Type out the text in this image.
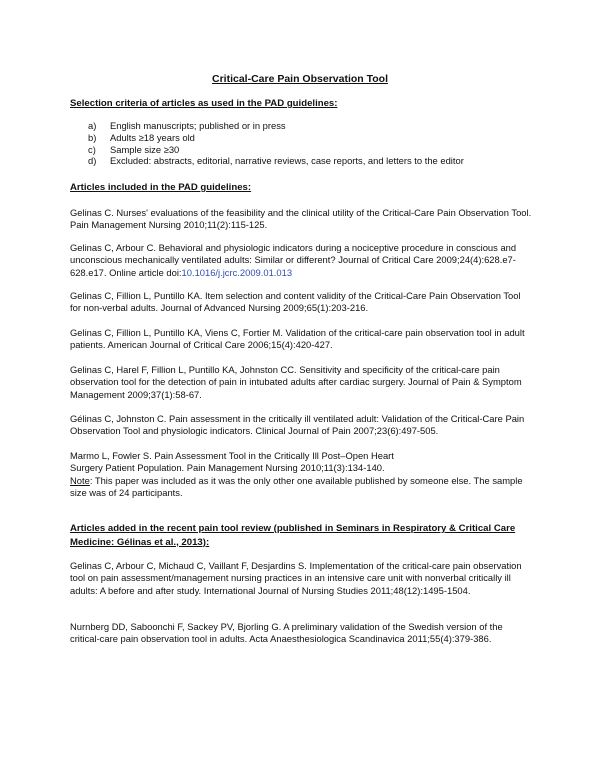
Critical-Care Pain Observation Tool
Selection criteria of articles as used in the PAD guidelines:
a)	English manuscripts; published or in press
b)	Adults ≥18 years old
c)	Sample size ≥30
d)	Excluded: abstracts, editorial, narrative reviews, case reports, and letters to the editor
Articles included in the PAD guidelines:

Gelinas C. Nurses' evaluations of the feasibility and the clinical utility of the Critical-Care Pain Observation Tool. Pain Management Nursing 2010;11(2):115-125.

Gelinas C, Arbour C. Behavioral and physiologic indicators during a nociceptive procedure in conscious and unconscious mechanically ventilated adults: Similar or different? Journal of Critical Care 2009;24(4):628.e7-628.e17. Online article doi:10.1016/j.jcrc.2009.01.013

Gelinas C, Fillion L, Puntillo KA. Item selection and content validity of the Critical-Care Pain Observation Tool for non-verbal adults. Journal of Advanced Nursing 2009;65(1):203-216.

Gelinas C, Fillion L, Puntillo KA, Viens C, Fortier M. Validation of the critical-care pain observation tool in adult patients. American Journal of Critical Care 2006;15(4):420-427.

Gelinas C, Harel F, Fillion L, Puntillo KA, Johnston CC. Sensitivity and specificity of the critical-care pain observation tool for the detection of pain in intubated adults after cardiac surgery. Journal of Pain & Symptom Management 2009;37(1):58-67.

Gélinas C, Johnston C. Pain assessment in the critically ill ventilated adult: Validation of the Critical-Care Pain Observation Tool and physiologic indicators. Clinical Journal of Pain 2007;23(6):497-505.

Marmo L, Fowler S. Pain Assessment Tool in the Critically Ill Post–Open Heart
Surgery Patient Population. Pain Management Nursing 2010;11(3):134-140.
Note: This paper was included as it was the only other one available published by someone else. The sample size was of 24 participants.

Articles added in the recent pain tool review (published in Seminars in Respiratory & Critical Care Medicine: Gélinas et al., 2013):

Gelinas C, Arbour C, Michaud C, Vaillant F, Desjardins S. Implementation of the critical-care pain observation tool on pain assessment/management nursing practices in an intensive care unit with nonverbal critically ill adults: A before and after study. International Journal of Nursing Studies 2011;48(12):1495-1504.

Nurnberg DD, Saboonchi F, Sackey PV, Bjorling G. A preliminary validation of the Swedish version of the critical-care pain observation tool in adults. Acta Anaesthesiologica Scandinavica 2011;55(4):379-386.
